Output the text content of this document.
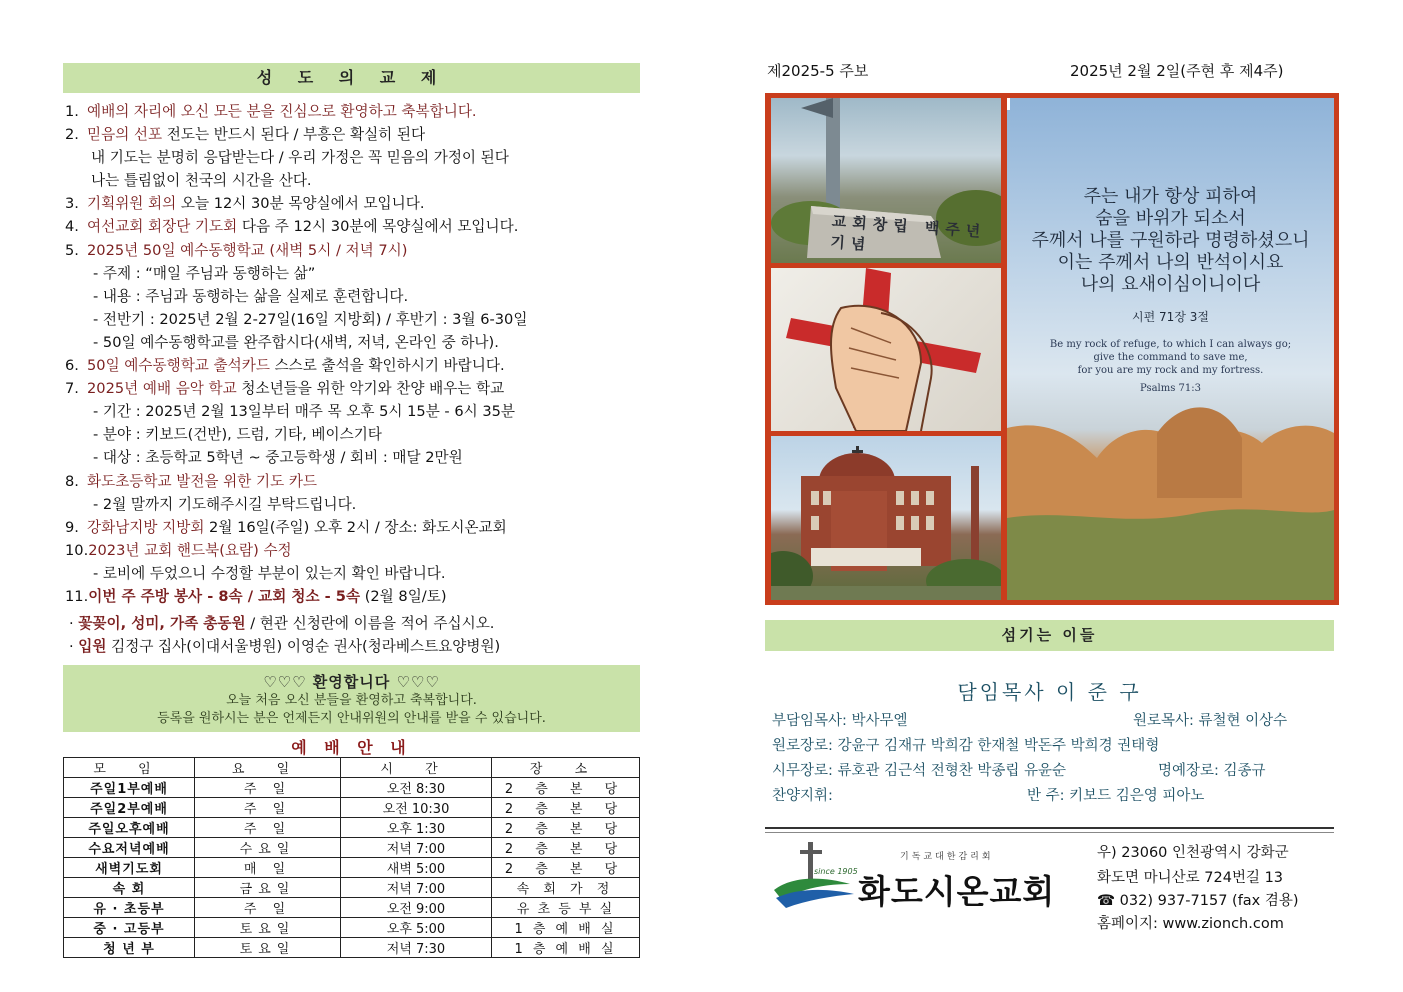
성 도 의 교 제
1. 예배의 자리에 오신 모든 분을 진심으로 환영하고 축복합니다.
2. 믿음의 선포 전도는 반드시 된다 / 부흥은 확실히 된다
내 기도는 분명히 응답받는다 / 우리 가정은 꼭 믿음의 가정이 된다
나는 틀림없이 천국의 시간을 산다.
3. 기획위원 회의 오늘 12시 30분 목양실에서 모입니다.
4. 여선교회 회장단 기도회 다음 주 12시 30분에 목양실에서 모입니다.
5. 2025년 50일 예수동행학교 (새벽 5시 / 저녁 7시)
- 주제 : “매일 주님과 동행하는 삶”
- 내용 : 주님과 동행하는 삶을 실제로 훈련합니다.
- 전반기 : 2025년 2월 2-27일(16일 지방회) / 후반기 : 3월 6-30일
- 50일 예수동행학교를 완주합시다(새벽, 저녁, 온라인 중 하나).
6. 50일 예수동행학교 출석카드 스스로 출석을 확인하시기 바랍니다.
7. 2025년 예배 음악 학교 청소년들을 위한 악기와 찬양 배우는 학교
- 기간 : 2025년 2월 13일부터 매주 목 오후 5시 15분 - 6시 35분
- 분야 : 키보드(건반), 드럼, 기타, 베이스기타
- 대상 : 초등학교 5학년 ~ 중고등학생 / 회비 : 매달 2만원
8. 화도초등학교 발전을 위한 기도 카드
- 2월 말까지 기도해주시길 부탁드립니다.
9. 강화남지방 지방회 2월 16일(주일) 오후 2시 / 장소: 화도시온교회
10.2023년 교회 핸드북(요람) 수정
- 로비에 두었으니 수정할 부분이 있는지 확인 바랍니다.
11.이번 주 주방 봉사 - 8속 / 교회 청소 - 5속 (2월 8일/토)
· 꽃꽂이, 성미, 가족 총동원 / 현관 신청란에 이름을 적어 주십시오.
· 입원 김정구 집사(이대서울병원) 이영순 권사(청라베스트요양병원)
♡♡♡ 환영합니다 ♡♡♡
오늘 처음 오신 분들을 환영하고 축복합니다.
등록을 원하시는 분은 언제든지 안내위원의 안내를 받을 수 있습니다.
예 배 안 내
모 임	요 일	시 간	장 소
주일1부예배	주 일	오전 8:30	2 층 본 당
주일2부예배	주 일	오전 10:30	2 층 본 당
주일오후예배	주 일	오후 1:30	2 층 본 당
수요저녁예배	수요일	저녁 7:00	2 층 본 당
새벽기도회	매 일	새벽 5:00	2 층 본 당
속 회	금요일	저녁 7:00	속 회 가 정
유 · 초등부	주 일	오전 9:00	유 초 등 부 실
중 · 고등부	토요일	오후 5:00	1 층 예 배 실
청 년 부	토요일	저녁 7:30	1 층 예 배 실
제2025-5 주보	2025년 2월 2일(주현 후 제4주)
교회창립 백주년 기념
주는 내가 항상 피하여
숨을 바위가 되소서
주께서 나를 구원하라 명령하셨으니
이는 주께서 나의 반석이시요
나의 요새이심이니이다
시편 71장 3절
Be my rock of refuge, to which I can always go;
give the command to save me,
for you are my rock and my fortress.
Psalms 71:3
섬기는 이들
담임목사 이 준 구
부담임목사: 박사무엘	원로목사: 류철현 이상수
원로장로: 강윤구 김재규 박희감 한재철 박돈주 박희경 권태형
시무장로: 류호관 김근석 전형찬 박종립 유윤순	명예장로: 김종규
찬양지휘:	반 주: 키보드 김은영 피아노
since 1905
기독교대한감리회
화도시온교회
우) 23060 인천광역시 강화군
화도면 마니산로 724번길 13
☎ 032) 937-7157 (fax 겸용)
홈페이지: www.zionch.com
